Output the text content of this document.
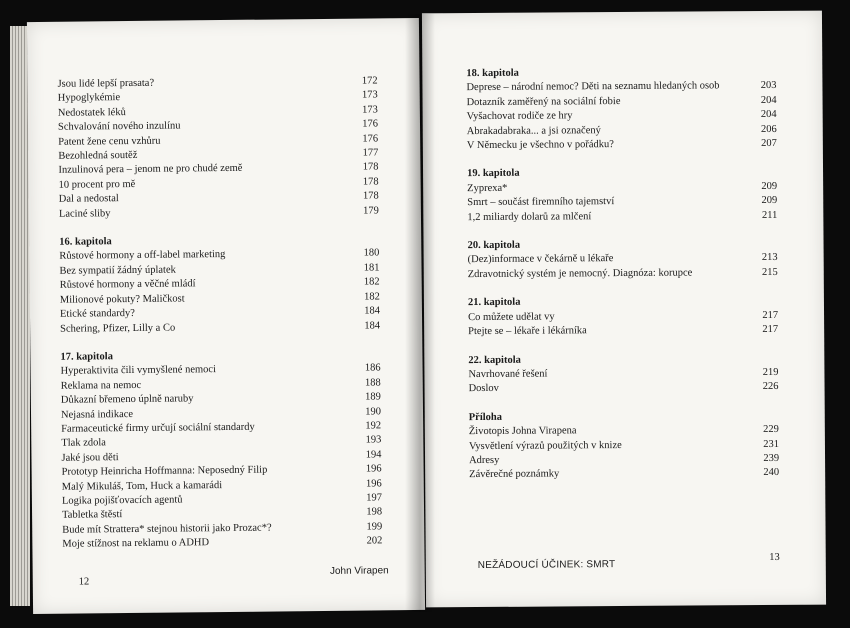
Jsou lidé lepší prasata?	172
Hypoglykémie	173
Nedostatek léků	173
Schvalování nového inzulínu	176
Patent žene cenu vzhůru	176
Bezohledná soutěž	177
Inzulinová pera – jenom ne pro chudé země	178
10 procent pro mě	178
Dal a nedostal	178
Laciné sliby	179
16. kapitola
Růstové hormony a off-label marketing	180
Bez sympatií žádný úplatek	181
Růstové hormony a věčné mládí	182
Milionové pokuty? Maličkost	182
Etické standardy?	184
Schering, Pfizer, Lilly a Co	184
17. kapitola
Hyperaktivita čili vymyšlené nemoci	186
Reklama na nemoc	188
Důkazní břemeno úplně naruby	189
Nejasná indikace	190
Farmaceutické firmy určují sociální standardy	192
Tlak zdola	193
Jaké jsou děti	194
Prototyp Heinricha Hoffmanna: Neposedný Filip	196
Malý Mikuláš, Tom, Huck a kamarádi	196
Logika pojišťovacích agentů	197
Tabletka štěstí	198
Bude mít Strattera* stejnou historii jako Prozac*?	199
Moje stížnost na reklamu o ADHD	202
John Virapen
12
18. kapitola
Deprese – národní nemoc? Děti na seznamu hledaných osob	203
Dotazník zaměřený na sociální fobie	204
Vyšachovat rodiče ze hry	204
Abrakadabraka... a jsi označený	206
V Německu je všechno v pořádku?	207
19. kapitola
Zyprexa*	209
Smrt – součást firemního tajemství	209
1,2 miliardy dolarů za mlčení	211
20. kapitola
(Dez)informace v čekárně u lékaře	213
Zdravotnický systém je nemocný. Diagnóza: korupce	215
21. kapitola
Co můžete udělat vy	217
Ptejte se – lékaře i lékárníka	217
22. kapitola
Navrhované řešení	219
Doslov	226
Příloha
Životopis Johna Virapena	229
Vysvětlení výrazů použitých v knize	231
Adresy	239
Závěrečné poznámky	240
NEŽÁDOUCÍ ÚČINEK: SMRT
13
